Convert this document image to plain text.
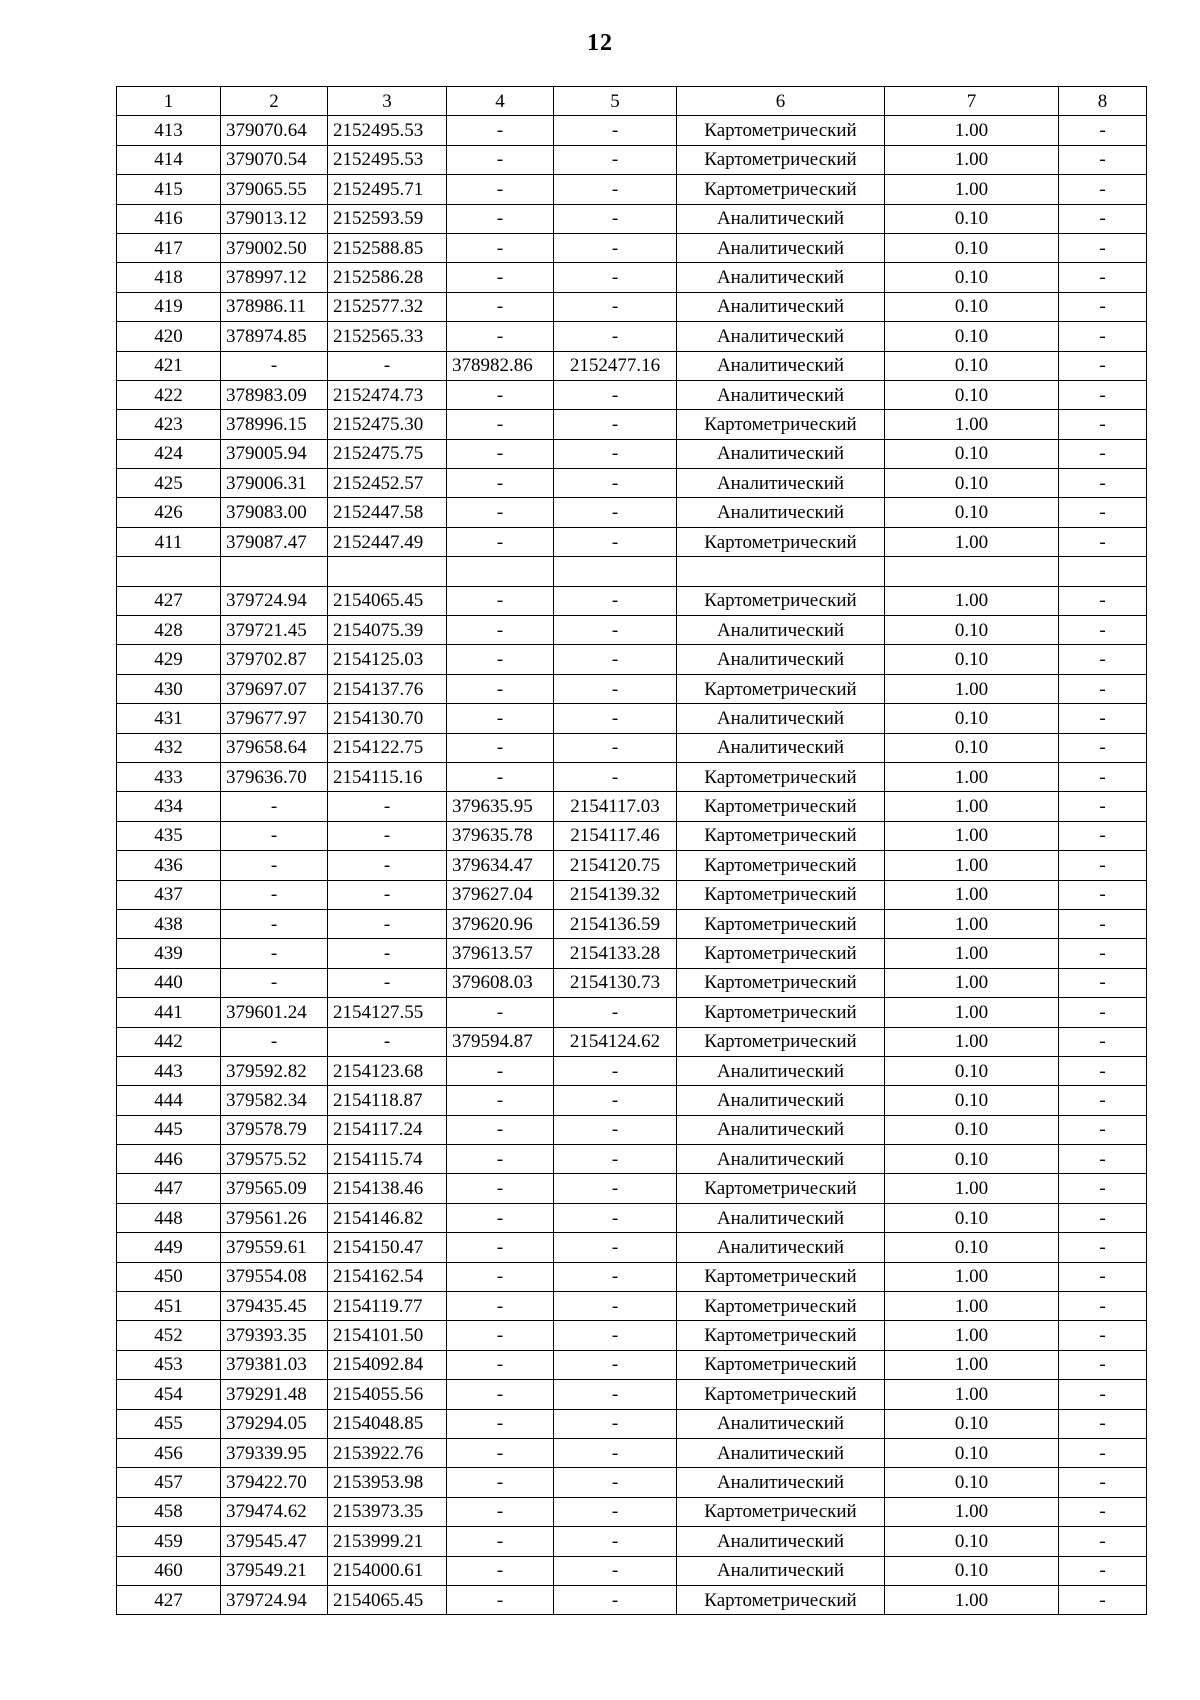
12
1	2	3	4	5	6	7	8
413	379070.64	2152495.53	-	-	Картометрический	1.00	-
414	379070.54	2152495.53	-	-	Картометрический	1.00	-
415	379065.55	2152495.71	-	-	Картометрический	1.00	-
416	379013.12	2152593.59	-	-	Аналитический	0.10	-
417	379002.50	2152588.85	-	-	Аналитический	0.10	-
418	378997.12	2152586.28	-	-	Аналитический	0.10	-
419	378986.11	2152577.32	-	-	Аналитический	0.10	-
420	378974.85	2152565.33	-	-	Аналитический	0.10	-
421	-	-	378982.86	2152477.16	Аналитический	0.10	-
422	378983.09	2152474.73	-	-	Аналитический	0.10	-
423	378996.15	2152475.30	-	-	Картометрический	1.00	-
424	379005.94	2152475.75	-	-	Аналитический	0.10	-
425	379006.31	2152452.57	-	-	Аналитический	0.10	-
426	379083.00	2152447.58	-	-	Аналитический	0.10	-
411	379087.47	2152447.49	-	-	Картометрический	1.00	-

427	379724.94	2154065.45	-	-	Картометрический	1.00	-
428	379721.45	2154075.39	-	-	Аналитический	0.10	-
429	379702.87	2154125.03	-	-	Аналитический	0.10	-
430	379697.07	2154137.76	-	-	Картометрический	1.00	-
431	379677.97	2154130.70	-	-	Аналитический	0.10	-
432	379658.64	2154122.75	-	-	Аналитический	0.10	-
433	379636.70	2154115.16	-	-	Картометрический	1.00	-
434	-	-	379635.95	2154117.03	Картометрический	1.00	-
435	-	-	379635.78	2154117.46	Картометрический	1.00	-
436	-	-	379634.47	2154120.75	Картометрический	1.00	-
437	-	-	379627.04	2154139.32	Картометрический	1.00	-
438	-	-	379620.96	2154136.59	Картометрический	1.00	-
439	-	-	379613.57	2154133.28	Картометрический	1.00	-
440	-	-	379608.03	2154130.73	Картометрический	1.00	-
441	379601.24	2154127.55	-	-	Картометрический	1.00	-
442	-	-	379594.87	2154124.62	Картометрический	1.00	-
443	379592.82	2154123.68	-	-	Аналитический	0.10	-
444	379582.34	2154118.87	-	-	Аналитический	0.10	-
445	379578.79	2154117.24	-	-	Аналитический	0.10	-
446	379575.52	2154115.74	-	-	Аналитический	0.10	-
447	379565.09	2154138.46	-	-	Картометрический	1.00	-
448	379561.26	2154146.82	-	-	Аналитический	0.10	-
449	379559.61	2154150.47	-	-	Аналитический	0.10	-
450	379554.08	2154162.54	-	-	Картометрический	1.00	-
451	379435.45	2154119.77	-	-	Картометрический	1.00	-
452	379393.35	2154101.50	-	-	Картометрический	1.00	-
453	379381.03	2154092.84	-	-	Картометрический	1.00	-
454	379291.48	2154055.56	-	-	Картометрический	1.00	-
455	379294.05	2154048.85	-	-	Аналитический	0.10	-
456	379339.95	2153922.76	-	-	Аналитический	0.10	-
457	379422.70	2153953.98	-	-	Аналитический	0.10	-
458	379474.62	2153973.35	-	-	Картометрический	1.00	-
459	379545.47	2153999.21	-	-	Аналитический	0.10	-
460	379549.21	2154000.61	-	-	Аналитический	0.10	-
427	379724.94	2154065.45	-	-	Картометрический	1.00	-
